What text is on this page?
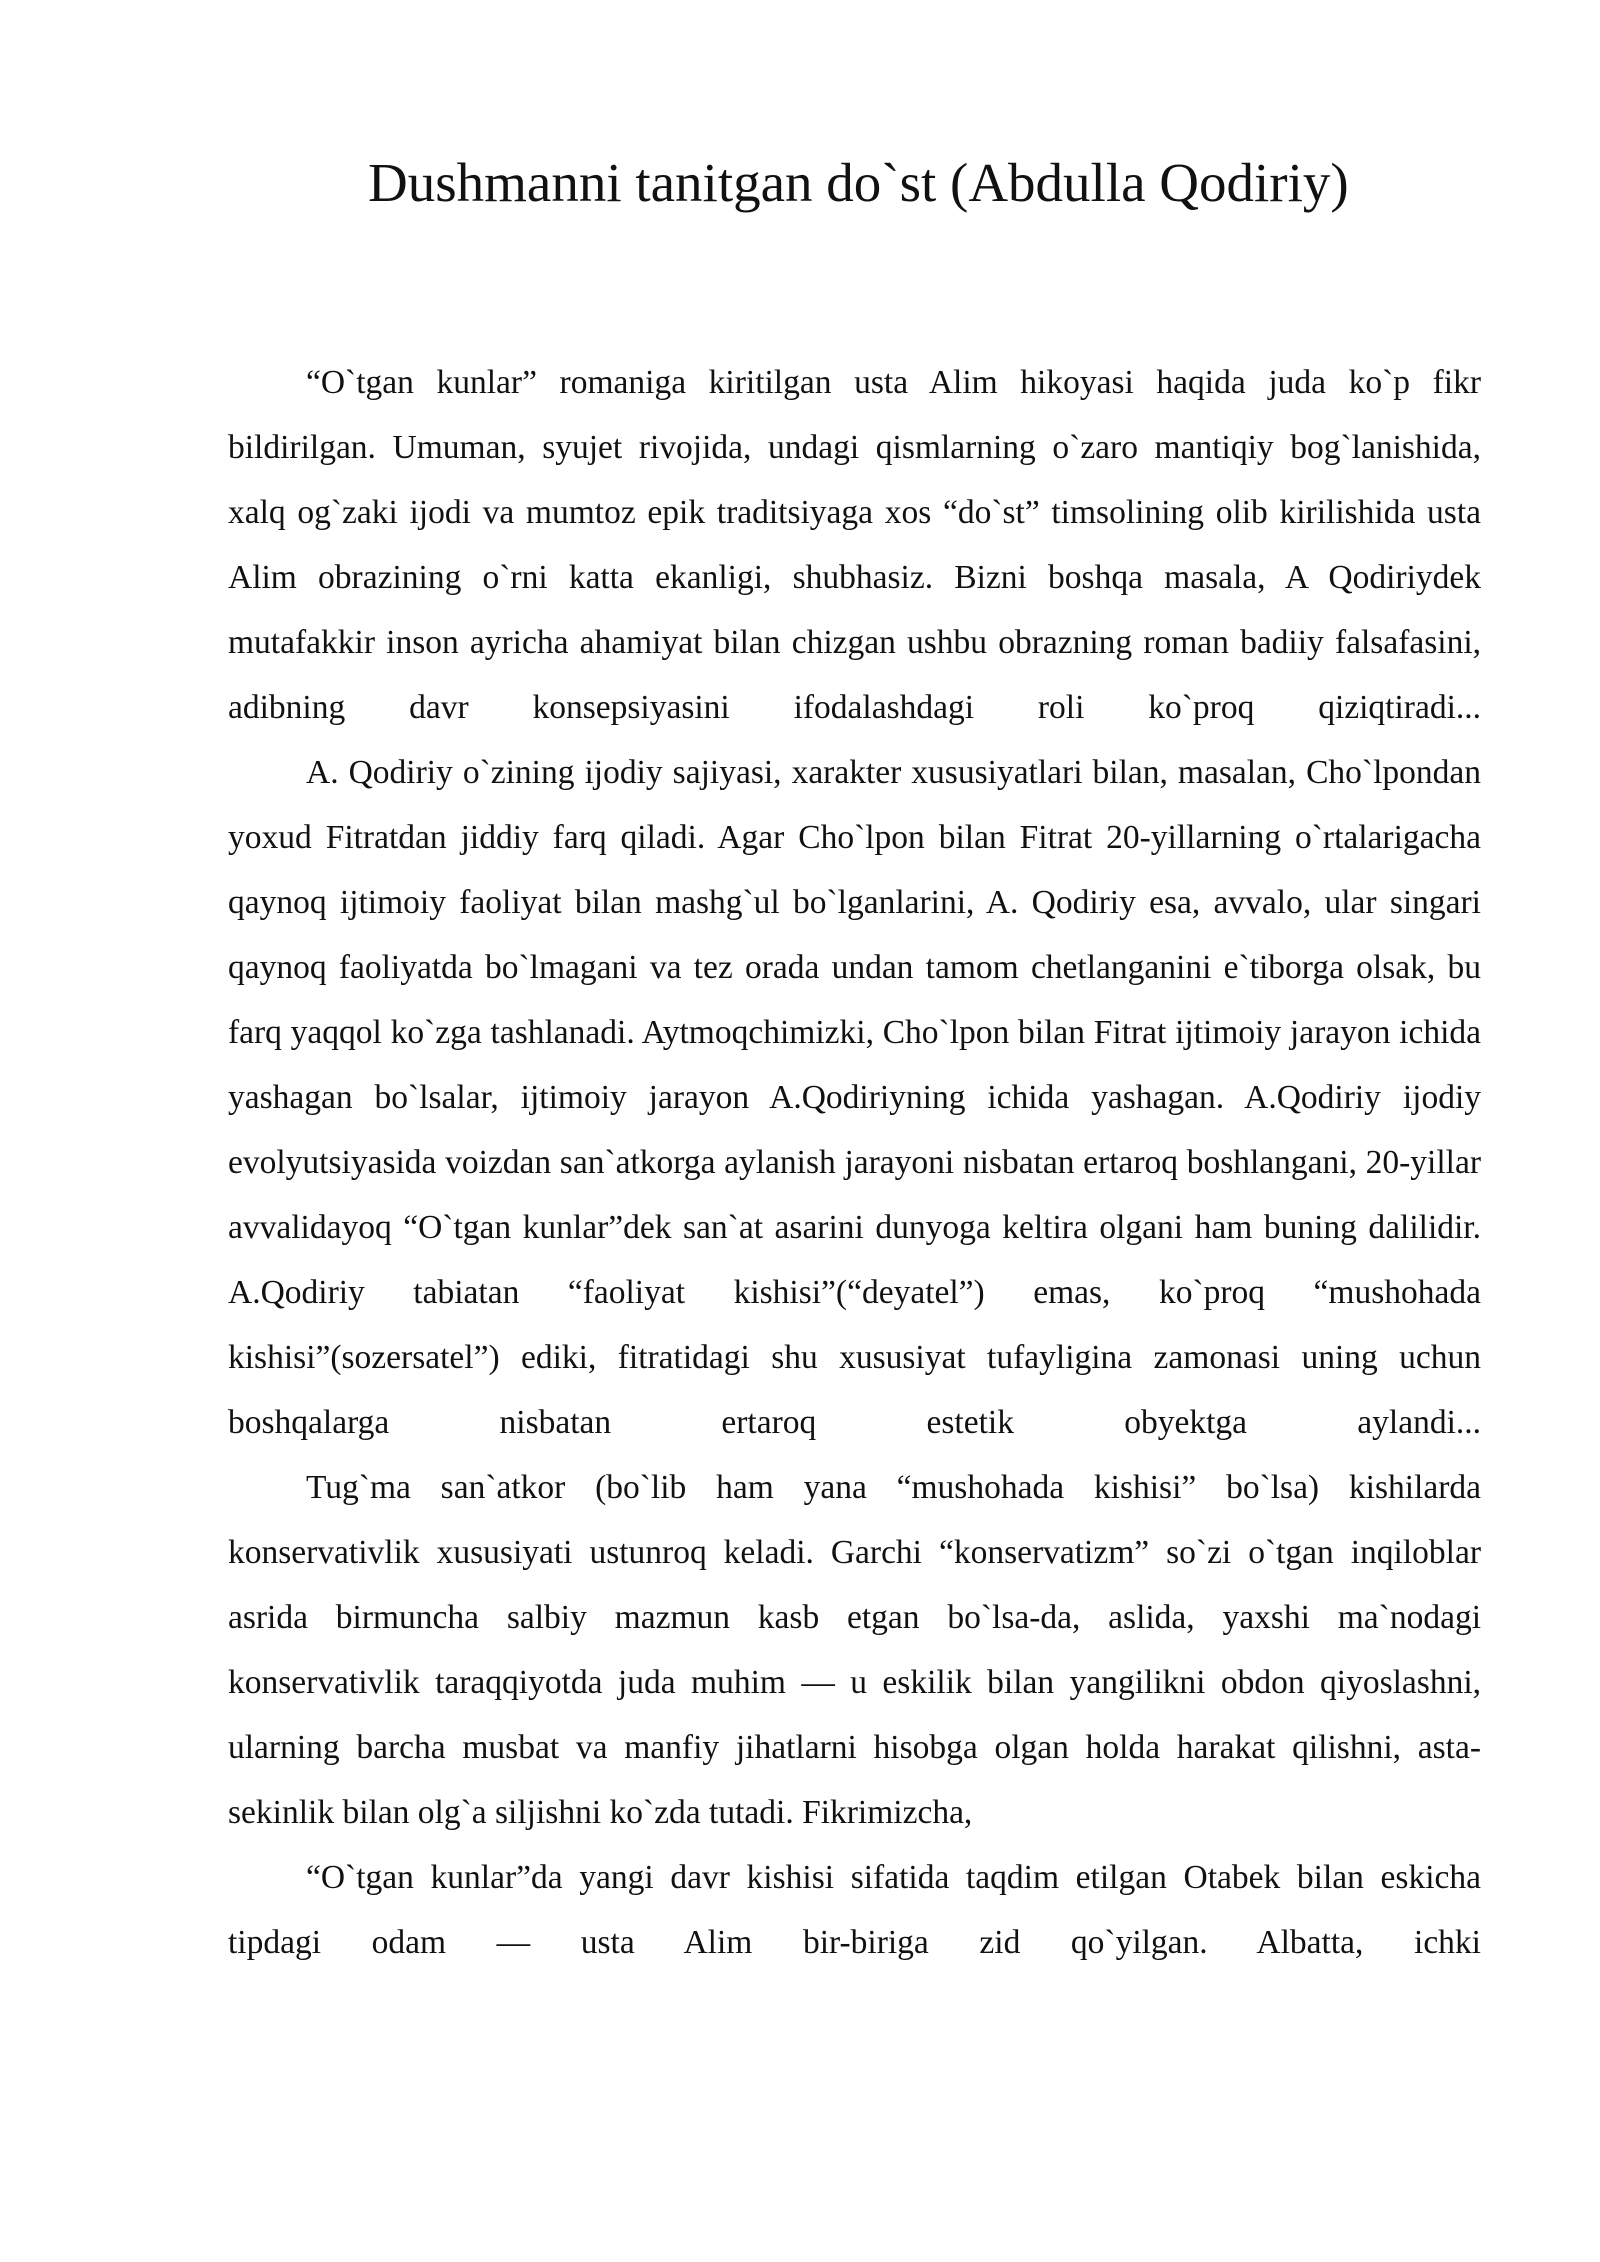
Dushmanni tanitgan do`st (Abdulla Qodiriy)

“O`tgan kunlar” romaniga kiritilgan usta Alim hikoyasi haqida juda ko`p fikr bildirilgan. Umuman, syujet rivojida, undagi qismlarning o`zaro mantiqiy bog`lanishida, xalq og`zaki ijodi va mumtoz epik traditsiyaga xos “do`st” timsolining olib kirilishida usta Alim obrazining o`rni katta ekanligi, shubhasiz. Bizni boshqa masala, A Qodiriydek mutafakkir inson ayricha ahamiyat bilan chizgan ushbu obrazning roman badiiy falsafasini, adibning davr konsepsiyasini ifodalashdagi roli ko`proq qiziqtiradi...

A. Qodiriy o`zining ijodiy sajiyasi, xarakter xususiyatlari bilan, masalan, Cho`lpondan yoxud Fitratdan jiddiy farq qiladi. Agar Cho`lpon bilan Fitrat 20-yillarning o`rtalarigacha qaynoq ijtimoiy faoliyat bilan mashg`ul bo`lganlarini, A. Qodiriy esa, avvalo, ular singari qaynoq faoliyatda bo`lmagani va tez orada undan tamom chetlanganini e`tiborga olsak, bu farq yaqqol ko`zga tashlanadi. Aytmoqchimizki, Cho`lpon bilan Fitrat ijtimoiy jarayon ichida yashagan bo`lsalar, ijtimoiy jarayon A.Qodiriyning ichida yashagan. A.Qodiriy ijodiy evolyutsiyasida voizdan san`atkorga aylanish jarayoni nisbatan ertaroq boshlangani, 20-yillar avvalidayoq “O`tgan kunlar”dek san`at asarini dunyoga keltira olgani ham buning dalilidir. A.Qodiriy tabiatan “faoliyat kishisi”(“deyatel”) emas, ko`proq “mushohada kishisi”(sozersatel”) ediki, fitratidagi shu xususiyat tufayligina zamonasi uning uchun boshqalarga nisbatan ertaroq estetik obyektga aylandi...

Tug`ma san`atkor (bo`lib ham yana “mushohada kishisi” bo`lsa) kishilarda konservativlik xususiyati ustunroq keladi. Garchi “konservatizm” so`zi o`tgan inqiloblar asrida birmuncha salbiy mazmun kasb etgan bo`lsa-da, aslida, yaxshi ma`nodagi konservativlik taraqqiyotda juda muhim — u eskilik bilan yangilikni obdon qiyoslashni, ularning barcha musbat va manfiy jihatlarni hisobga olgan holda harakat qilishni, asta-sekinlik bilan olg`a siljishni ko`zda tutadi. Fikrimizcha,

“O`tgan kunlar”da yangi davr kishisi sifatida taqdim etilgan Otabek bilan eskicha tipdagi odam — usta Alim bir-biriga zid qo`yilgan. Albatta, ichki
